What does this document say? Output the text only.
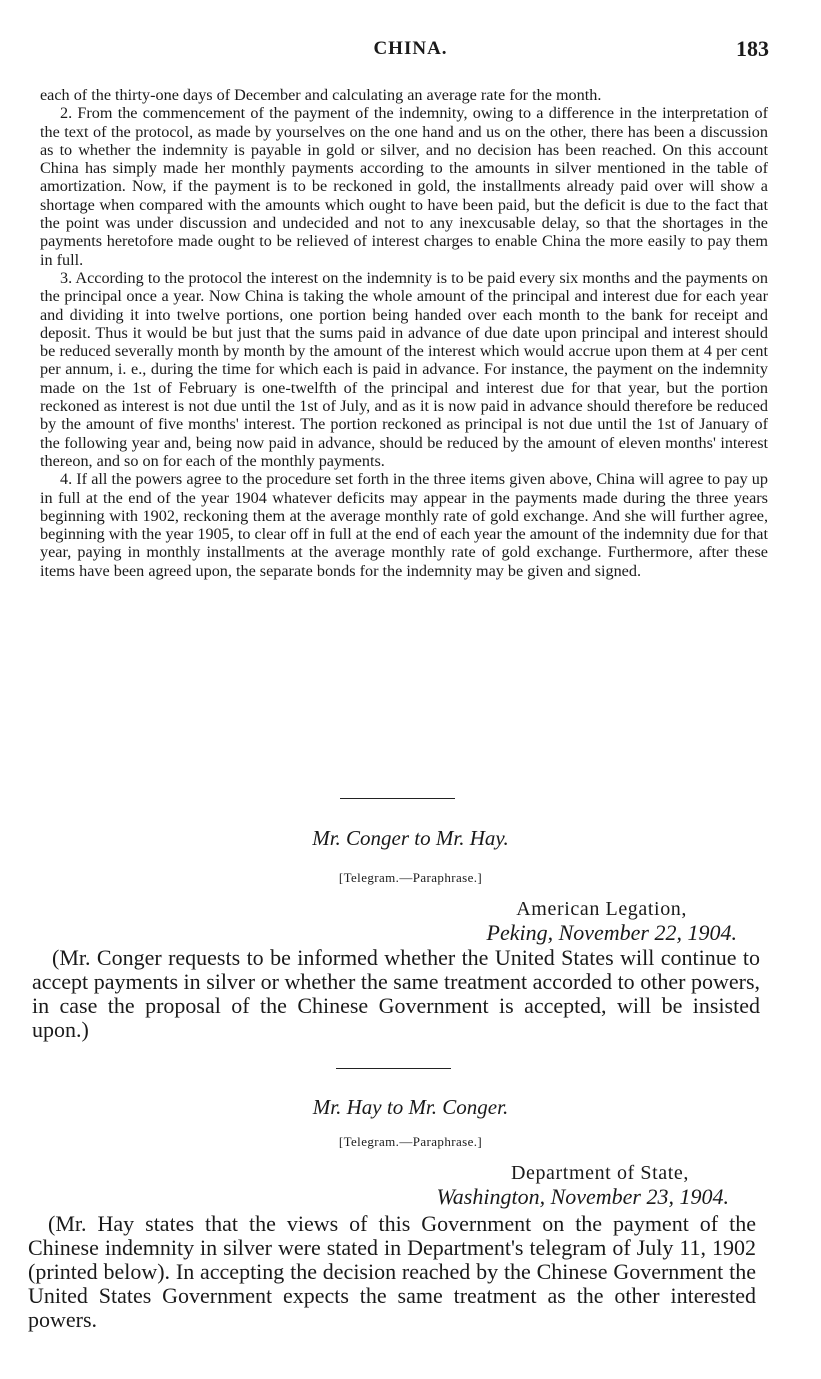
CHINA.	183

each of the thirty-one days of December and calculating an average rate for the month.

2. From the commencement of the payment of the indemnity, owing to a difference in the interpretation of the text of the protocol, as made by yourselves on the one hand and us on the other, there has been a discussion as to whether the indemnity is payable in gold or silver, and no decision has been reached. On this account China has simply made her monthly payments according to the amounts in silver mentioned in the table of amortization. Now, if the payment is to be reckoned in gold, the installments already paid over will show a shortage when compared with the amounts which ought to have been paid, but the deficit is due to the fact that the point was under discussion and undecided and not to any inexcusable delay, so that the shortages in the payments heretofore made ought to be relieved of interest charges to enable China the more easily to pay them in full.

3. According to the protocol the interest on the indemnity is to be paid every six months and the payments on the principal once a year. Now China is taking the whole amount of the principal and interest due for each year and dividing it into twelve portions, one portion being handed over each month to the bank for receipt and deposit. Thus it would be but just that the sums paid in advance of due date upon principal and interest should be reduced severally month by month by the amount of the interest which would accrue upon them at 4 per cent per annum, i. e., during the time for which each is paid in advance. For instance, the payment on the indemnity made on the 1st of February is one-twelfth of the principal and interest due for that year, but the portion reckoned as interest is not due until the 1st of July, and as it is now paid in advance should therefore be reduced by the amount of five months' interest. The portion reckoned as principal is not due until the 1st of January of the following year and, being now paid in advance, should be reduced by the amount of eleven months' interest thereon, and so on for each of the monthly payments.

4. If all the powers agree to the procedure set forth in the three items given above, China will agree to pay up in full at the end of the year 1904 whatever deficits may appear in the payments made during the three years beginning with 1902, reckoning them at the average monthly rate of gold exchange. And she will further agree, beginning with the year 1905, to clear off in full at the end of each year the amount of the indemnity due for that year, paying in monthly installments at the average monthly rate of gold exchange. Furthermore, after these items have been agreed upon, the separate bonds for the indemnity may be given and signed.

Mr. Conger to Mr. Hay.
[Telegram.—Paraphrase.]
American Legation,
Peking, November 22, 1904.

(Mr. Conger requests to be informed whether the United States will continue to accept payments in silver or whether the same treatment accorded to other powers, in case the proposal of the Chinese Government is accepted, will be insisted upon.)

Mr. Hay to Mr. Conger.
[Telegram.—Paraphrase.]
Department of State,
Washington, November 23, 1904.

(Mr. Hay states that the views of this Government on the payment of the Chinese indemnity in silver were stated in Department's telegram of July 11, 1902 (printed below). In accepting the decision reached by the Chinese Government the United States Government expects the same treatment as the other interested powers.
